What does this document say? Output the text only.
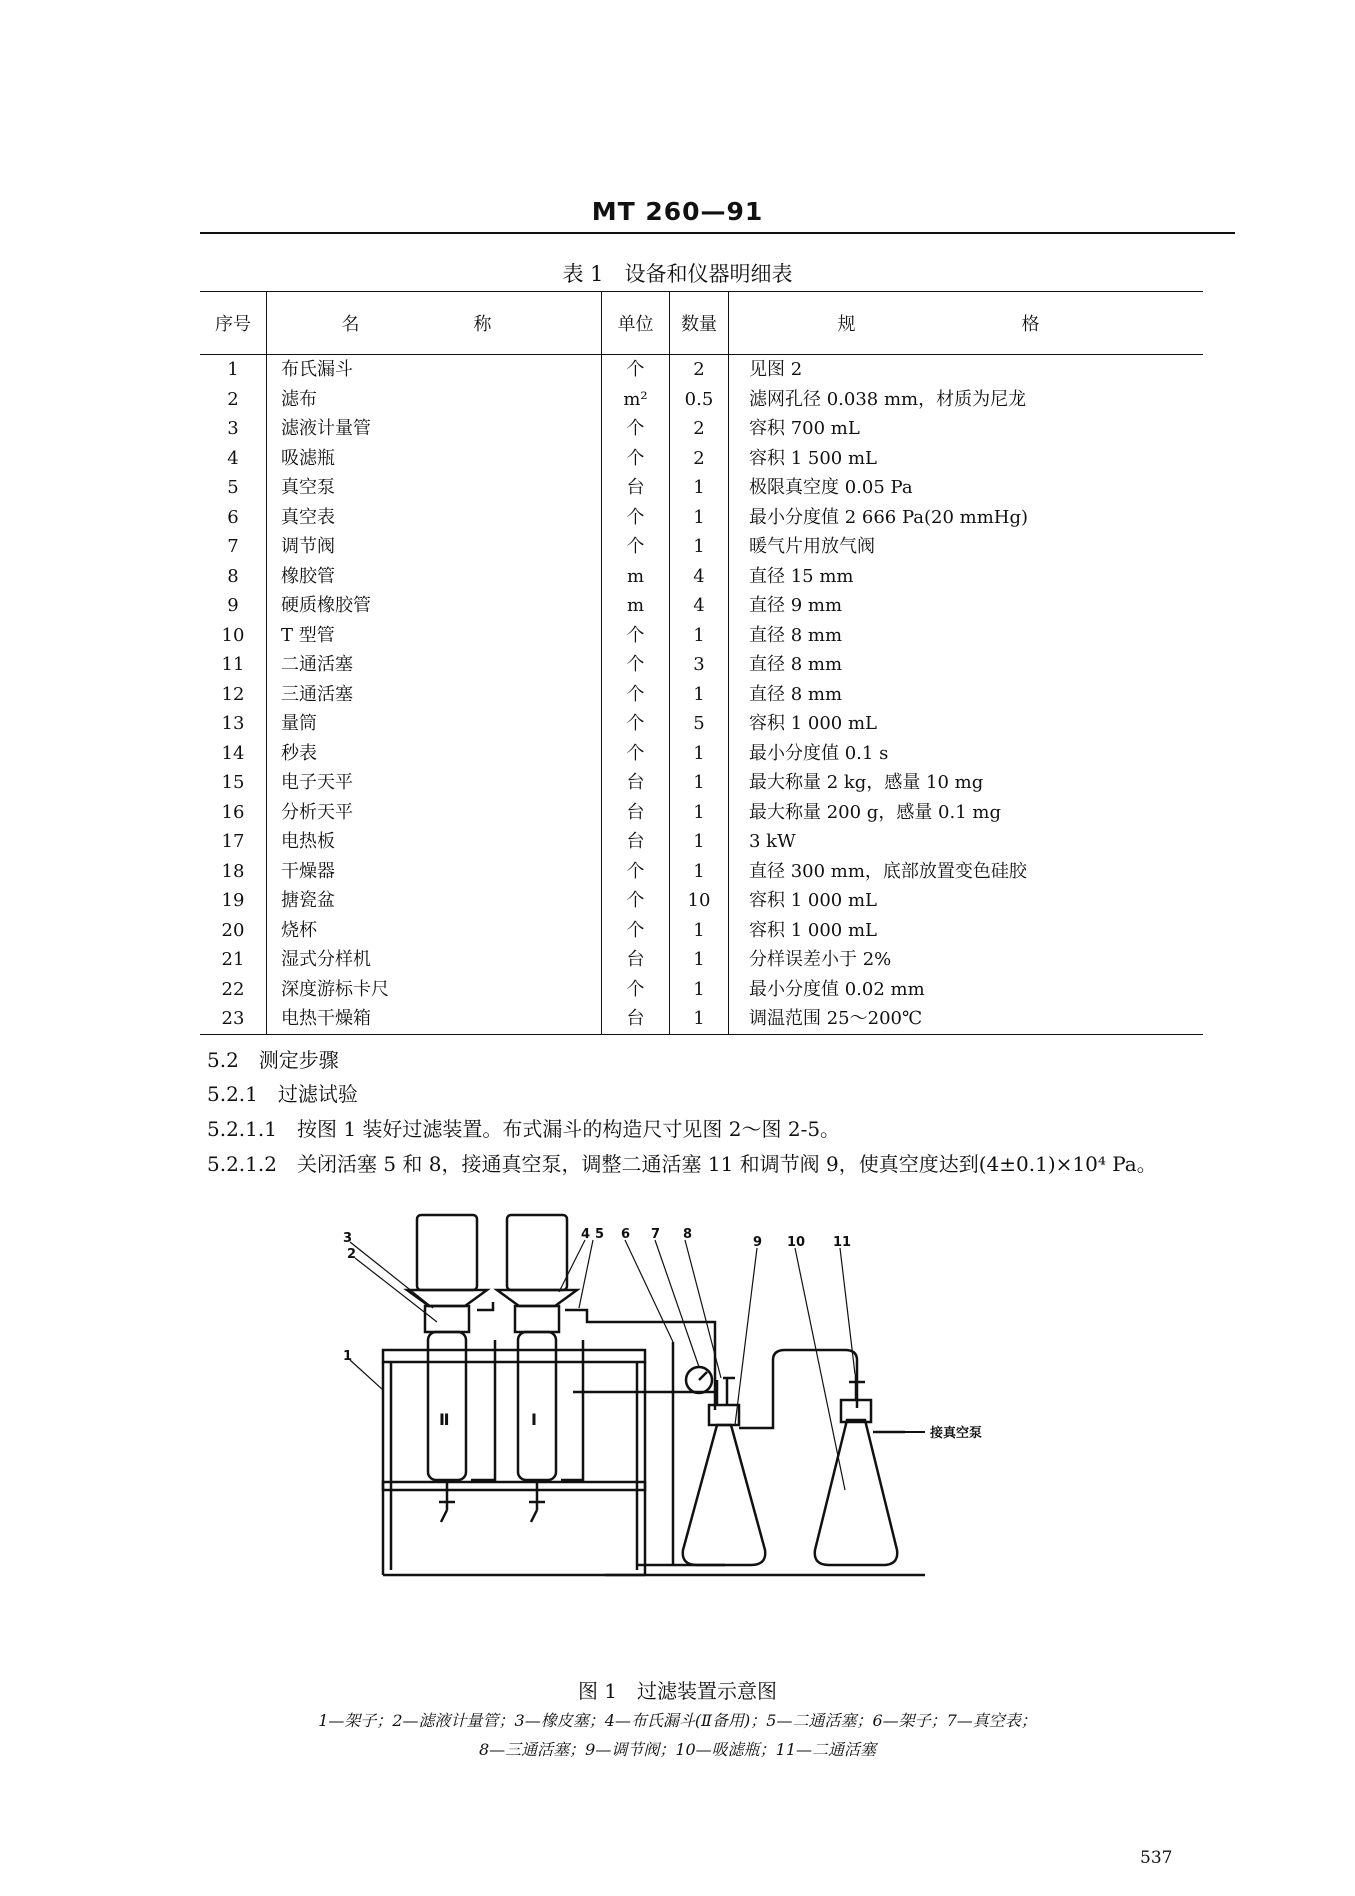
MT 260—91
表 1　设备和仪器明细表
序号	名　称	单位	数量	规　格
1	布氏漏斗	个	2	见图 2
2	滤布	m²	0.5	滤网孔径 0.038 mm，材质为尼龙
3	滤液计量管	个	2	容积 700 mL
4	吸滤瓶	个	2	容积 1 500 mL
5	真空泵	台	1	极限真空度 0.05 Pa
6	真空表	个	1	最小分度值 2 666 Pa(20 mmHg)
7	调节阀	个	1	暖气片用放气阀
8	橡胶管	m	4	直径 15 mm
9	硬质橡胶管	m	4	直径 9 mm
10	T 型管	个	1	直径 8 mm
11	二通活塞	个	3	直径 8 mm
12	三通活塞	个	1	直径 8 mm
13	量筒	个	5	容积 1 000 mL
14	秒表	个	1	最小分度值 0.1 s
15	电子天平	台	1	最大称量 2 kg，感量 10 mg
16	分析天平	台	1	最大称量 200 g，感量 0.1 mg
17	电热板	台	1	3 kW
18	干燥器	个	1	直径 300 mm，底部放置变色硅胶
19	搪瓷盆	个	10	容积 1 000 mL
20	烧杯	个	1	容积 1 000 mL
21	湿式分样机	台	1	分样误差小于 2%
22	深度游标卡尺	个	1	最小分度值 0.02 mm
23	电热干燥箱	台	1	调温范围 25～200℃
5.2　测定步骤
5.2.1　过滤试验
5.2.1.1　按图 1 装好过滤装置。布式漏斗的构造尺寸见图 2～图 2-5。
5.2.1.2　关闭活塞 5 和 8，接通真空泵，调整二通活塞 11 和调节阀 9，使真空度达到(4±0.1)×10⁴ Pa。
1
2
3	4 5 6 7 8
9 10 11
Ⅱ	Ⅰ
接真空泵
图 1　过滤装置示意图
1—架子；2—滤液计量管；3—橡皮塞；4—布氏漏斗(Ⅱ备用)；5—二通活塞；6—架子；7—真空表；
8—三通活塞；9—调节阀；10—吸滤瓶；11—二通活塞
537
